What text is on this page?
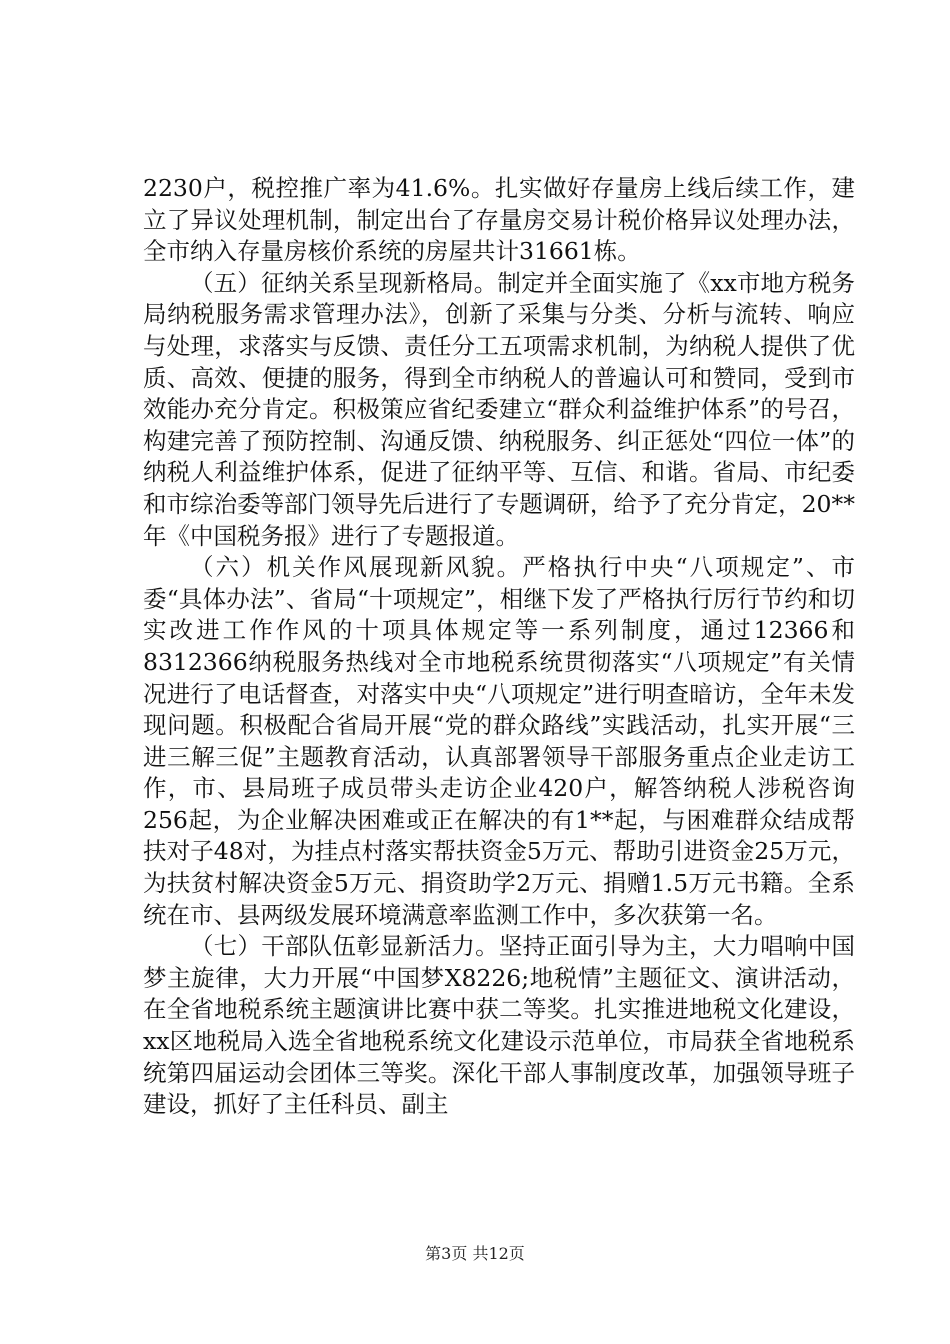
2230户，税控推广率为41.6%。扎实做好存量房上线后续工作，建立了异议处理机制，制定出台了存量房交易计税价格异议处理办法，全市纳入存量房核价系统的房屋共计31661栋。

（五）征纳关系呈现新格局。制定并全面实施了《xx市地方税务局纳税服务需求管理办法》，创新了采集与分类、分析与流转、响应与处理，求落实与反馈、责任分工五项需求机制，为纳税人提供了优质、高效、便捷的服务，得到全市纳税人的普遍认可和赞同，受到市效能办充分肯定。积极策应省纪委建立“群众利益维护体系”的号召，构建完善了预防控制、沟通反馈、纳税服务、纠正惩处“四位一体”的纳税人利益维护体系，促进了征纳平等、互信、和谐。省局、市纪委和市综治委等部门领导先后进行了专题调研，给予了充分肯定，20**年《中国税务报》进行了专题报道。

（六）机关作风展现新风貌。严格执行中央“八项规定”、市委“具体办法”、省局“十项规定”，相继下发了严格执行厉行节约和切实改进工作作风的十项具体规定等一系列制度，通过12366和8312366纳税服务热线对全市地税系统贯彻落实“八项规定”有关情况进行了电话督查，对落实中央“八项规定”进行明查暗访，全年未发现问题。积极配合省局开展“党的群众路线”实践活动，扎实开展“三进三解三促”主题教育活动，认真部署领导干部服务重点企业走访工作，市、县局班子成员带头走访企业420户，解答纳税人涉税咨询256起，为企业解决困难或正在解决的有1**起，与困难群众结成帮扶对子48对，为挂点村落实帮扶资金5万元、帮助引进资金25万元，为扶贫村解决资金5万元、捐资助学2万元、捐赠1.5万元书籍。全系统在市、县两级发展环境满意率监测工作中，多次获第一名。

（七）干部队伍彰显新活力。坚持正面引导为主，大力唱响中国梦主旋律，大力开展“中国梦X8226;地税情”主题征文、演讲活动，在全省地税系统主题演讲比赛中获二等奖。扎实推进地税文化建设，xx区地税局入选全省地税系统文化建设示范单位，市局获全省地税系统第四届运动会团体三等奖。深化干部人事制度改革，加强领导班子建设，抓好了主任科员、副主

第3页 共12页
